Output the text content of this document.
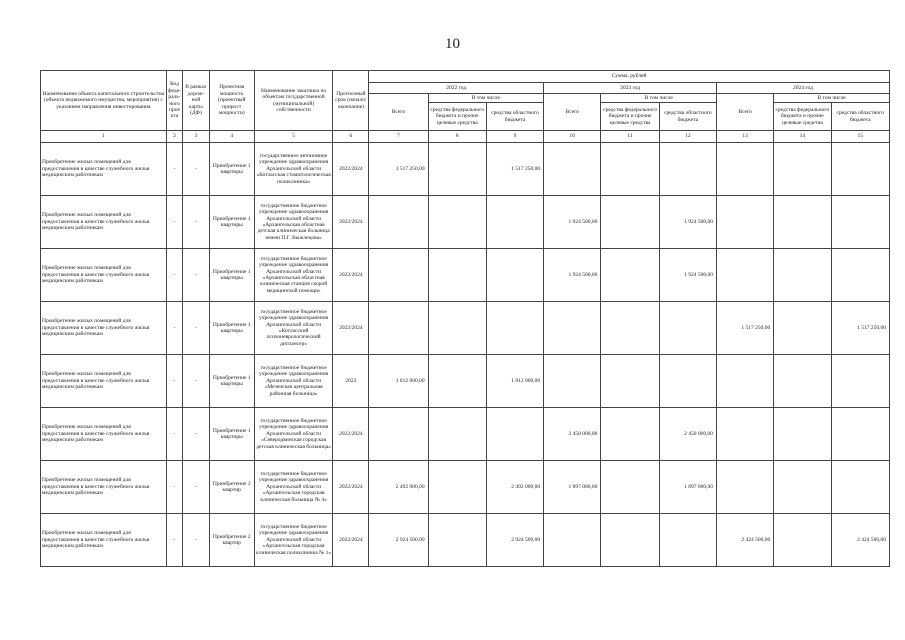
10
Наименование объекта капитального строительства (объекта недвижимого имущества, мероприятия) с указанием направления инвестирования	Код феде-раль-ного проекта	В рамках дорож-ной карты (ДФ)	Проектная мощность (проектный прирост мощности)	Наименование заказчика по объектам государственной (муниципальной) собственности	Прогнозный срок (начало/окончание)	Сумма, рублей								
						2022 год			2023 год			2024 год		
						Всего	В том числе		Всего	В том числе		Всего	В том числе	
							средства федерального бюджета и прочие целевые средства	средства областного бюджета		средства федерального бюджета и прочие целевые средства	средства областного бюджета		средства федерального бюджета и прочие целевые средства	средства областного бюджета
1	2	3	4	5	6	7	8	9	10	11	12	13	14	15
Приобретение жилых помещений для предоставления в качестве служебного жилья медицинским работникам	-	-	Приобретение 1 квартиры	государственное автономное учреждение здравоохранения Архангельской области «Котласская стоматологическая поликлиника»	2022/2024	1 517 250,00		1 517 250,00						
Приобретение жилых помещений для предоставления в качестве служебного жилья медицинским работникам	-	-	Приобретение 1 квартиры	государственное бюджетное учреждение здравоохранения Архангельской области «Архангельская областная детская клиническая больница имени П.Г. Выжлецова»	2022/2024				1 924 500,00		1 924 500,00			
Приобретение жилых помещений для предоставления в качестве служебного жилья медицинским работникам	-	-	Приобретение 1 квартиры	государственное бюджетное учреждение здравоохранения Архангельской области «Архангельская областная клиническая станция скорой медицинской помощи»	2022/2024				1 924 500,00		1 924 500,00			
Приобретение жилых помещений для предоставления в качестве служебного жилья медицинским работникам	-	-	Приобретение 1 квартиры	государственное бюджетное учреждение здравоохранения Архангельской области «Котласский психоневрологический диспансер»	2022/2024							1 517 250,00		1 517 250,00
Приобретение жилых помещений для предоставления в качестве служебного жилья медицинским работникам	-	-	Приобретение 1 квартиры	государственное бюджетное учреждение здравоохранения Архангельской области «Мезенская центральная районная больница»	2022	1 812 000,00		1 812 000,00						
Приобретение жилых помещений для предоставления в качестве служебного жилья медицинским работникам	-	-	Приобретение 1 квартиры	государственное бюджетное учреждение здравоохранения Архангельской области «Северодвинская городская детская клиническая больница»	2022/2024				2 450 000,00		2 450 000,00			
Приобретение жилых помещений для предоставления в качестве служебного жилья медицинским работникам	-	-	Приобретение 2 квартир	государственное бюджетное учреждение здравоохранения Архангельской области «Архангельская городская клиническая больница № 4»	2022/2024	2 492 000,00		2 492 000,00	1 897 000,00		1 897 000,00			
Приобретение жилых помещений для предоставления в качестве служебного жилья медицинским работникам	-	-	Приобретение 2 квартир	государственное бюджетное учреждение здравоохранения Архангельской области «Архангельская городская клиническая поликлиника № 1»	2022/2024	2 924 500,00		2 924 500,00				2 424 500,00		2 424 500,00
